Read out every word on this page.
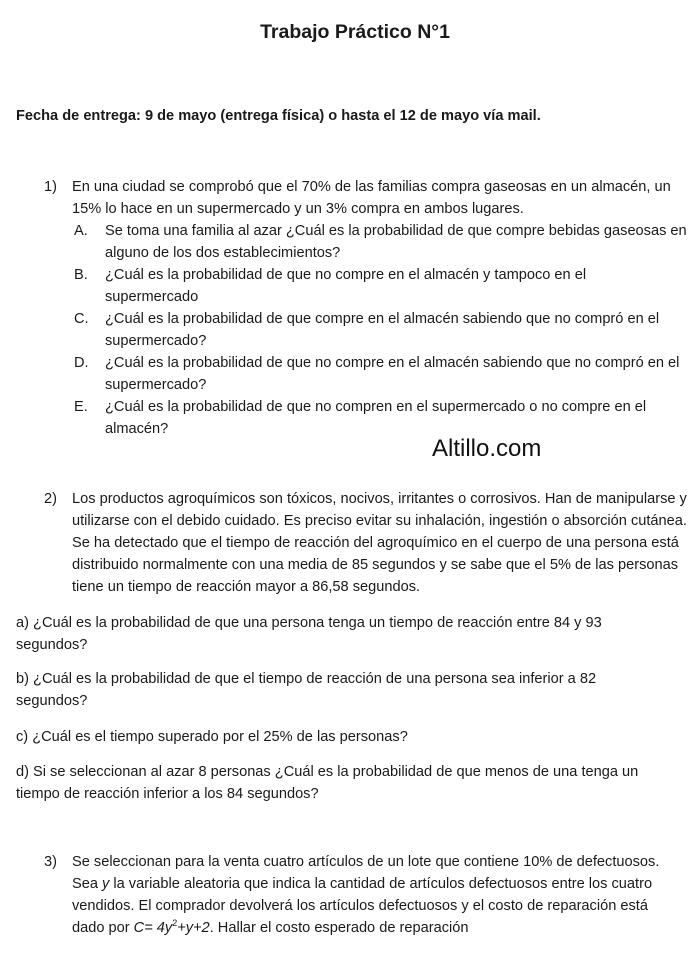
Trabajo Práctico N°1
Fecha de entrega: 9 de mayo (entrega física) o hasta el 12 de mayo vía mail.
1) En una ciudad se comprobó que el 70% de las familias compra gaseosas en un almacén, un 15% lo hace en un supermercado y un 3% compra en ambos lugares.
A. Se toma una familia al azar ¿Cuál es la probabilidad de que compre bebidas gaseosas en alguno de los dos establecimientos?
B. ¿Cuál es la probabilidad de que no compre en el almacén y tampoco en el supermercado
C. ¿Cuál es la probabilidad de que compre en el almacén sabiendo que no compró en el supermercado?
D. ¿Cuál es la probabilidad de que no compre en el almacén sabiendo que no compró en el supermercado?
E. ¿Cuál es la probabilidad de que no compren en el supermercado o no compre en el almacén?
Altillo.com
2) Los productos agroquímicos son tóxicos, nocivos, irritantes o corrosivos. Han de manipularse y utilizarse con el debido cuidado. Es preciso evitar su inhalación, ingestión o absorción cutánea. Se ha detectado que el tiempo de reacción del agroquímico en el cuerpo de una persona está distribuido normalmente con una media de 85 segundos y se sabe que el 5% de las personas tiene un tiempo de reacción mayor a 86,58 segundos.
a) ¿Cuál es la probabilidad de que una persona tenga un tiempo de reacción entre 84 y 93 segundos?
b) ¿Cuál es la probabilidad de que el tiempo de reacción de una persona sea inferior a 82 segundos?
c) ¿Cuál es el tiempo superado por el 25% de las personas?
d) Si se seleccionan al azar 8 personas ¿Cuál es la probabilidad de que menos de una tenga un tiempo de reacción inferior a los 84 segundos?
3) Se seleccionan para la venta cuatro artículos de un lote que contiene 10% de defectuosos.
Sea y la variable aleatoria que indica la cantidad de artículos defectuosos entre los cuatro
vendidos. El comprador devolverá los artículos defectuosos y el costo de reparación está
dado por $C= 4y^2+y+2$. Hallar el costo esperado de reparación
